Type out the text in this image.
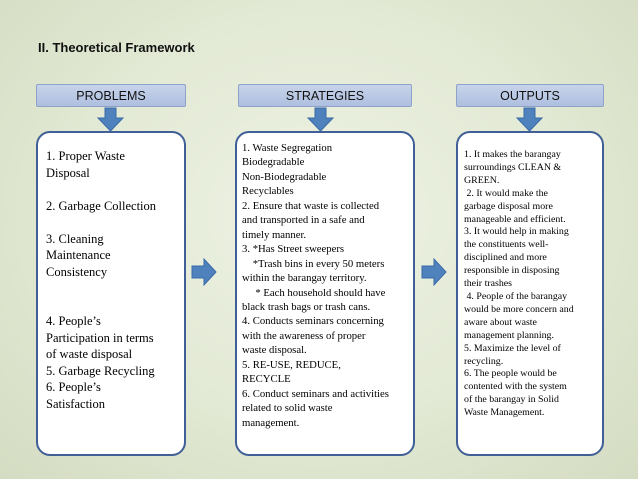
II. Theoretical Framework
PROBLEMS	STRATEGIES	OUTPUTS
1. Proper Waste
Disposal
2. Garbage Collection
3. Cleaning
Maintenance
Consistency
4. People’s
Participation in terms
of waste disposal
5. Garbage Recycling
6. People’s
Satisfaction
1. Waste Segregation
Biodegradable
Non-Biodegradable
Recyclables
2. Ensure that waste is collected
and transported in a safe and
timely manner.
3. *Has Street sweepers
*Trash bins in every 50 meters
within the barangay territory.
* Each household should have
black trash bags or trash cans.
4. Conducts seminars concerning
with the awareness of proper
waste disposal.
5. RE-USE, REDUCE,
RECYCLE
6. Conduct seminars and activities
related to solid waste
management.
1. It makes the barangay
surroundings CLEAN &
GREEN.
2. It would make the
garbage disposal more
manageable and efficient.
3. It would help in making
the constituents well-
disciplined and more
responsible in disposing
their trashes
4. People of the barangay
would be more concern and
aware about waste
management planning.
5. Maximize the level of
recycling.
6. The people would be
contented with the system
of the barangay in Solid
Waste Management.
